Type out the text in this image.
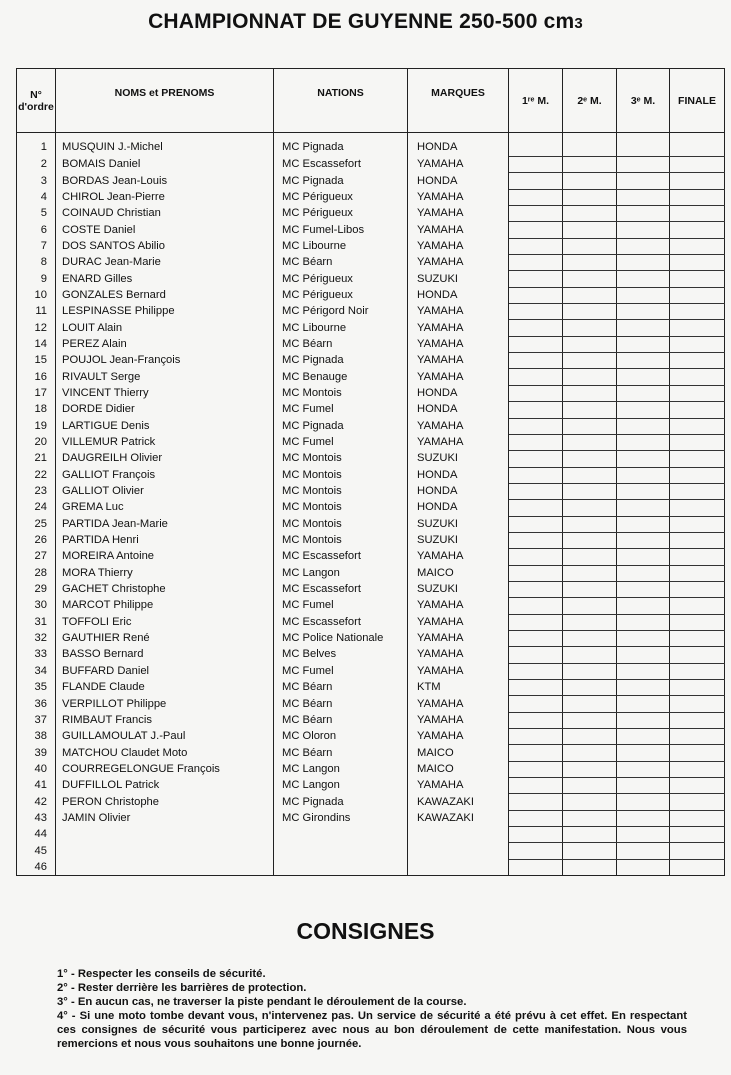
CHAMPIONNAT DE GUYENNE 250-500 cm3
N° d'ordre	NOMS et PRENOMS	NATIONS	MARQUES	1ʳᵉ M.	2ᵉ M.	3ᵉ M.	FINALE
1	MUSQUIN J.-Michel	MC Pignada	HONDA				
2	BOMAIS Daniel	MC Escassefort	YAMAHA				
3	BORDAS Jean-Louis	MC Pignada	HONDA				
4	CHIROL Jean-Pierre	MC Périgueux	YAMAHA				
5	COINAUD Christian	MC Périgueux	YAMAHA				
6	COSTE Daniel	MC Fumel-Libos	YAMAHA				
7	DOS SANTOS Abilio	MC Libourne	YAMAHA				
8	DURAC Jean-Marie	MC Béarn	YAMAHA				
9	ENARD Gilles	MC Périgueux	SUZUKI				
10	GONZALES Bernard	MC Périgueux	HONDA				
11	LESPINASSE Philippe	MC Périgord Noir	YAMAHA				
12	LOUIT Alain	MC Libourne	YAMAHA				
14	PEREZ Alain	MC Béarn	YAMAHA				
15	POUJOL Jean-François	MC Pignada	YAMAHA				
16	RIVAULT Serge	MC Benauge	YAMAHA				
17	VINCENT Thierry	MC Montois	HONDA				
18	DORDE Didier	MC Fumel	HONDA				
19	LARTIGUE Denis	MC Pignada	YAMAHA				
20	VILLEMUR Patrick	MC Fumel	YAMAHA				
21	DAUGREILH Olivier	MC Montois	SUZUKI				
22	GALLIOT François	MC Montois	HONDA				
23	GALLIOT Olivier	MC Montois	HONDA				
24	GREMA Luc	MC Montois	HONDA				
25	PARTIDA Jean-Marie	MC Montois	SUZUKI				
26	PARTIDA Henri	MC Montois	SUZUKI				
27	MOREIRA Antoine	MC Escassefort	YAMAHA				
28	MORA Thierry	MC Langon	MAICO				
29	GACHET Christophe	MC Escassefort	SUZUKI				
30	MARCOT Philippe	MC Fumel	YAMAHA				
31	TOFFOLI Eric	MC Escassefort	YAMAHA				
32	GAUTHIER René	MC Police Nationale	YAMAHA				
33	BASSO Bernard	MC Belves	YAMAHA				
34	BUFFARD Daniel	MC Fumel	YAMAHA				
35	FLANDE Claude	MC Béarn	KTM				
36	VERPILLOT Philippe	MC Béarn	YAMAHA				
37	RIMBAUT Francis	MC Béarn	YAMAHA				
38	GUILLAMOULAT J.-Paul	MC Oloron	YAMAHA				
39	MATCHOU Claudet Moto	MC Béarn	MAICO				
40	COURREGELONGUE François	MC Langon	MAICO				
41	DUFFILLOL Patrick	MC Langon	YAMAHA				
42	PERON Christophe	MC Pignada	KAWAZAKI				
43	JAMIN Olivier	MC Girondins	KAWAZAKI				
44							
45							
46							
CONSIGNES
1° - Respecter les conseils de sécurité.
2° - Rester derrière les barrières de protection.
3° - En aucun cas, ne traverser la piste pendant le déroulement de la course.
4° - Si une moto tombe devant vous, n'intervenez pas. Un service de sécurité a été prévu à cet effet. En respectant ces consignes de sécurité vous participerez avec nous au bon déroulement de cette manifestation. Nous vous remercions et nous vous souhaitons une bonne journée.
